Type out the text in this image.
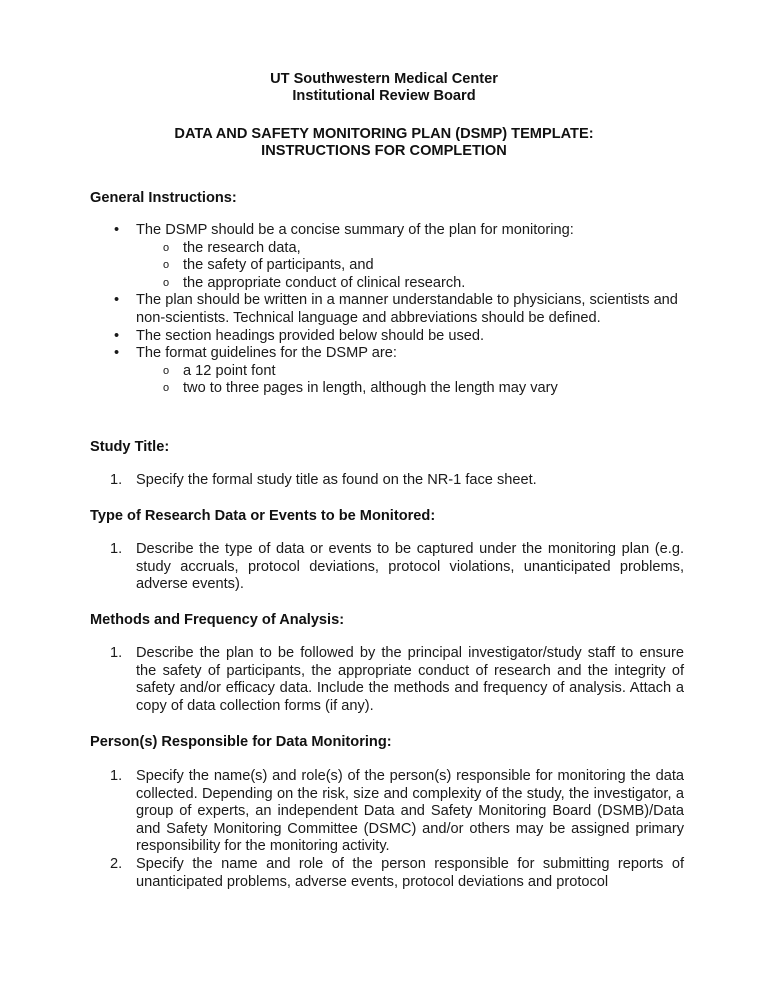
UT Southwestern Medical Center
Institutional Review Board
DATA AND SAFETY MONITORING PLAN (DSMP) TEMPLATE:
INSTRUCTIONS FOR COMPLETION
General Instructions:
• The DSMP should be a concise summary of the plan for monitoring:
o the research data,
o the safety of participants, and
o the appropriate conduct of clinical research.
• The plan should be written in a manner understandable to physicians, scientists and non-scientists. Technical language and abbreviations should be defined.
• The section headings provided below should be used.
• The format guidelines for the DSMP are:
o a 12 point font
o two to three pages in length, although the length may vary
Study Title:
1. Specify the formal study title as found on the NR-1 face sheet.
Type of Research Data or Events to be Monitored:
1. Describe the type of data or events to be captured under the monitoring plan (e.g. study accruals, protocol deviations, protocol violations, unanticipated problems, adverse events).
Methods and Frequency of Analysis:
1. Describe the plan to be followed by the principal investigator/study staff to ensure the safety of participants, the appropriate conduct of research and the integrity of safety and/or efficacy data. Include the methods and frequency of analysis. Attach a copy of data collection forms (if any).
Person(s) Responsible for Data Monitoring:
1. Specify the name(s) and role(s) of the person(s) responsible for monitoring the data collected. Depending on the risk, size and complexity of the study, the investigator, a group of experts, an independent Data and Safety Monitoring Board (DSMB)/Data and Safety Monitoring Committee (DSMC) and/or others may be assigned primary responsibility for the monitoring activity.
2. Specify the name and role of the person responsible for submitting reports of unanticipated problems, adverse events, protocol deviations and protocol
